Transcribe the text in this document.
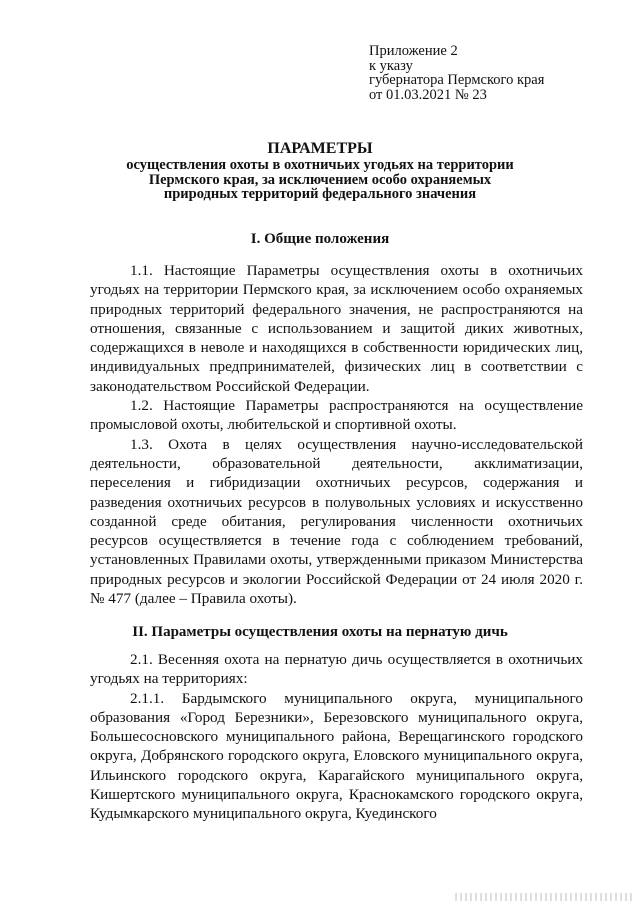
Приложение 2
к указу
губернатора Пермского края
от 01.03.2021 № 23
ПАРАМЕТРЫ
осуществления охоты в охотничьих угодьях на территории
Пермского края, за исключением особо охраняемых
природных территорий федерального значения
I. Общие положения

1.1. Настоящие Параметры осуществления охоты в охотничьих угодьях на территории Пермского края, за исключением особо охраняемых природных территорий федерального значения, не распространяются на отношения, связанные с использованием и защитой диких животных, содержащихся в неволе и находящихся в собственности юридических лиц, индивидуальных предпринимателей, физических лиц в соответствии с законодательством Российской Федерации.

1.2. Настоящие Параметры распространяются на осуществление промысловой охоты, любительской и спортивной охоты.

1.3. Охота в целях осуществления научно-исследовательской деятельности, образовательной деятельности, акклиматизации, переселения и гибридизации охотничьих ресурсов, содержания и разведения охотничьих ресурсов в полувольных условиях и искусственно созданной среде обитания, регулирования численности охотничьих ресурсов осуществляется в течение года с соблюдением требований, установленных Правилами охоты, утвержденными приказом Министерства природных ресурсов и экологии Российской Федерации от 24 июля 2020 г. № 477 (далее – Правила охоты).

II. Параметры осуществления охоты на пернатую дичь

2.1. Весенняя охота на пернатую дичь осуществляется в охотничьих угодьях на территориях:

2.1.1. Бардымского муниципального округа, муниципального образования «Город Березники», Березовского муниципального округа, Большесосновского муниципального района, Верещагинского городского округа, Добрянского городского округа, Еловского муниципального округа, Ильинского городского округа, Карагайского муниципального округа, Кишертского муниципального округа, Краснокамского городского округа, Кудымкарского муниципального округа, Куединского
